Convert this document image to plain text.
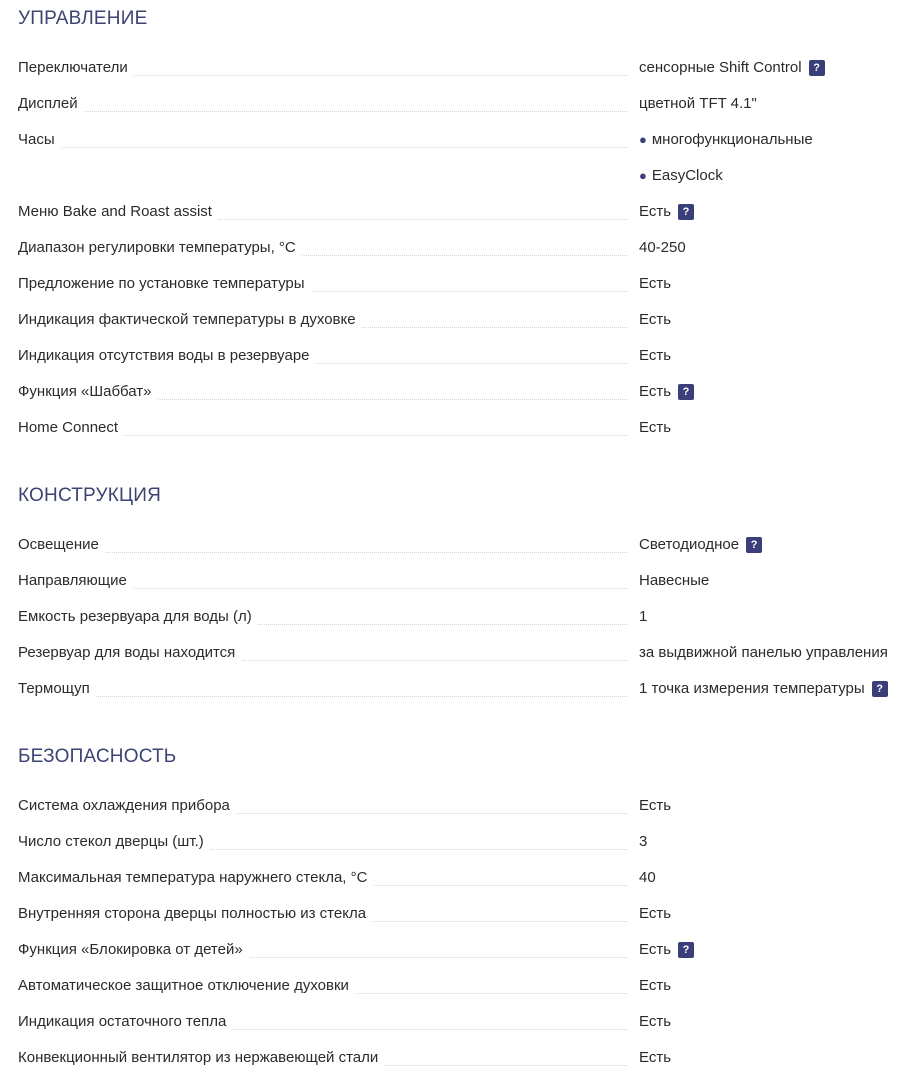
УПРАВЛЕНИЕ
Переключатели	сенсорные Shift Control ?
Дисплей	цветной TFT 4.1"
Часы	● многофункциональные
● EasyClock
Меню Bake and Roast assist	Есть ?
Диапазон регулировки температуры, °C	40-250
Предложение по установке температуры	Есть
Индикация фактической температуры в духовке	Есть
Индикация отсутствия воды в резервуаре	Есть
Функция «Шаббат»	Есть ?
Home Connect	Есть
КОНСТРУКЦИЯ
Освещение	Светодиодное ?
Направляющие	Навесные
Емкость резервуара для воды (л)	1
Резервуар для воды находится	за выдвижной панелью управления
Термощуп	1 точка измерения температуры ?
БЕЗОПАСНОСТЬ
Система охлаждения прибора	Есть
Число стекол дверцы (шт.)	3
Максимальная температура наружнего стекла, °C	40
Внутренняя сторона дверцы полностью из стекла	Есть
Функция «Блокировка от детей»	Есть ?
Автоматическое защитное отключение духовки	Есть
Индикация остаточного тепла	Есть
Конвекционный вентилятор из нержавеющей стали	Есть
